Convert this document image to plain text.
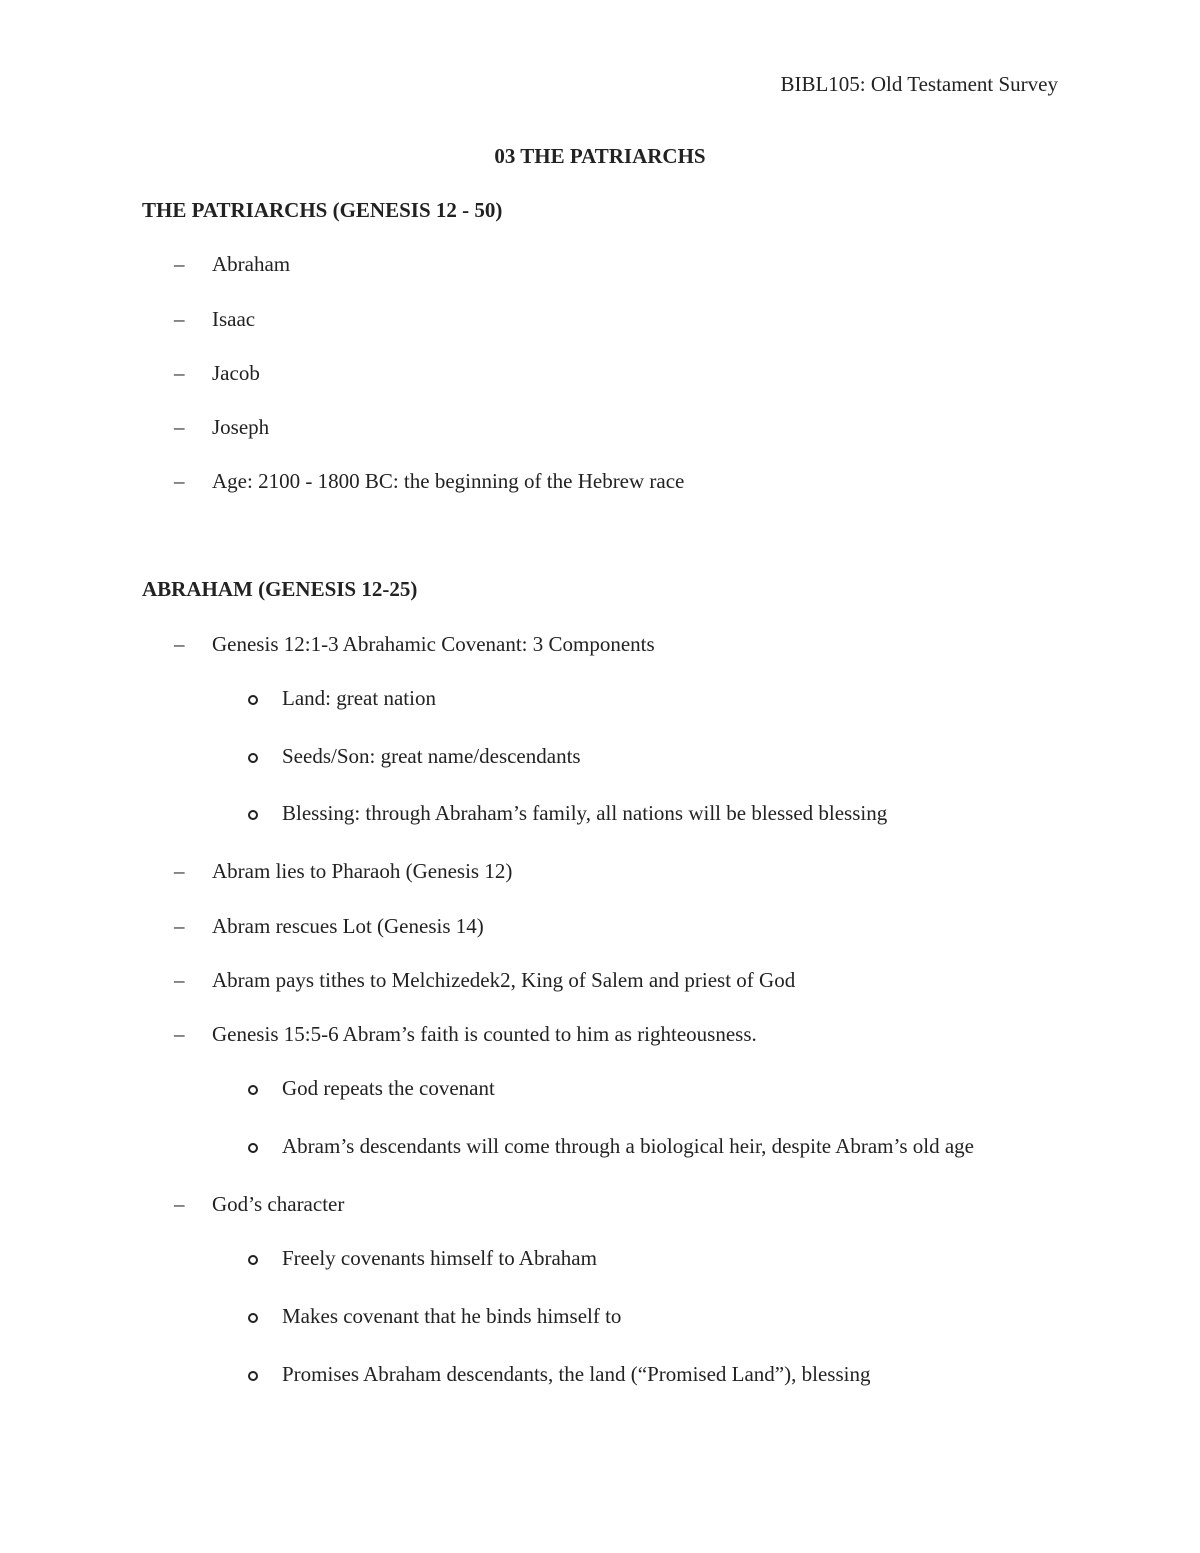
BIBL105: Old Testament Survey
03 THE PATRIARCHS
THE PATRIARCHS (GENESIS 12 - 50)
– Abraham
– Isaac
– Jacob
– Joseph
– Age: 2100 - 1800 BC: the beginning of the Hebrew race
ABRAHAM (GENESIS 12-25)
– Genesis 12:1-3 Abrahamic Covenant: 3 Components
Land: great nation
Seeds/Son: great name/descendants
Blessing: through Abraham’s family, all nations will be blessed blessing
– Abram lies to Pharaoh (Genesis 12)
– Abram rescues Lot (Genesis 14)
– Abram pays tithes to Melchizedek2, King of Salem and priest of God
– Genesis 15:5-6 Abram’s faith is counted to him as righteousness.
God repeats the covenant
Abram’s descendants will come through a biological heir, despite Abram’s old age
– God’s character
Freely covenants himself to Abraham
Makes covenant that he binds himself to
Promises Abraham descendants, the land (“Promised Land”), blessing
